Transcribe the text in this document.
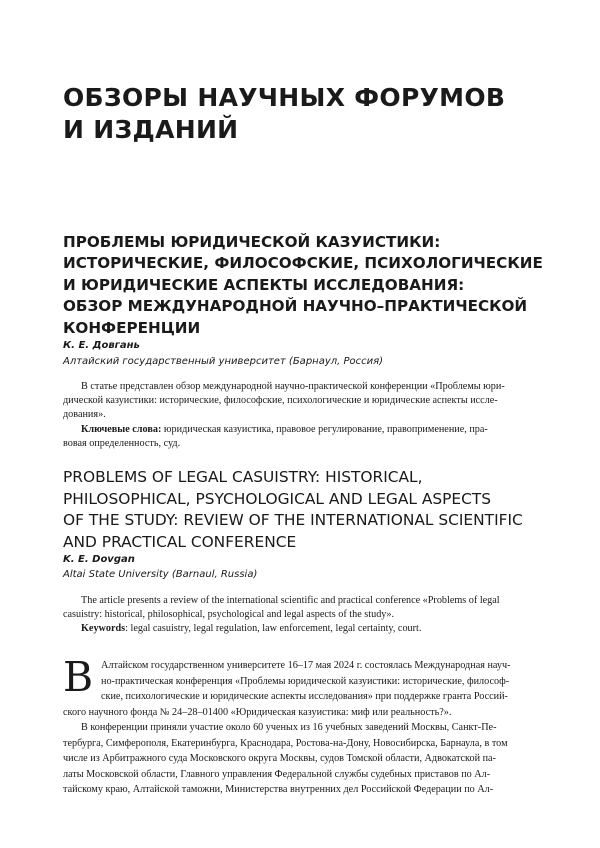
ОБЗОРЫ НАУЧНЫХ ФОРУМОВ
И ИЗДАНИЙ
ПРОБЛЕМЫ ЮРИДИЧЕСКОЙ КАЗУИСТИКИ:
ИСТОРИЧЕСКИЕ, ФИЛОСОФСКИЕ, ПСИХОЛОГИЧЕСКИЕ
И ЮРИДИЧЕСКИЕ АСПЕКТЫ ИССЛЕДОВАНИЯ:
ОБЗОР МЕЖДУНАРОДНОЙ НАУЧНО–ПРАКТИЧЕСКОЙ
КОНФЕРЕНЦИИ

К. Е. Довгань

Алтайский государственный университет (Барнаул, Россия)

В статье представлен обзор международной научно-практической конференции «Проблемы юри-
дической казуистики: исторические, философские, психологические и юридические аспекты иссле-
дования».
Ключевые слова: юридическая казуистика, правовое регулирование, правоприменение, пра-
вовая определенность, суд.
PROBLEMS OF LEGAL CASUISTRY: HISTORICAL,
PHILOSOPHICAL, PSYCHOLOGICAL AND LEGAL ASPECTS
OF THE STUDY: REVIEW OF THE INTERNATIONAL SCIENTIFIC
AND PRACTICAL CONFERENCE

K. E. Dovgan

Altai State University (Barnaul, Russia)

The article presents a review of the international scientific and practical conference «Problems of legal
casuistry: historical, philosophical, psychological and legal aspects of the study».
Keywords: legal casuistry, legal regulation, law enforcement, legal certainty, court.
В Алтайском государственном университете 16–17 мая 2024 г. состоялась Международная науч-
но-практическая конференция «Проблемы юридической казуистики: исторические, философ-
ские, психологические и юридические аспекты исследования» при поддержке гранта Россий-
ского научного фонда № 24–28–01400 «Юридическая казуистика: миф или реальность?».
В конференции приняли участие около 60 ученых из 16 учебных заведений Москвы, Санкт-Пе-
тербурга, Симферополя, Екатеринбурга, Краснодара, Ростова-на-Дону, Новосибирска, Барнаула, в том
числе из Арбитражного суда Московского округа Москвы, судов Томской области, Адвокатской па-
латы Московской области, Главного управления Федеральной службы судебных приставов по Ал-
тайскому краю, Алтайской таможни, Министерства внутренних дел Российской Федерации по Ал-
